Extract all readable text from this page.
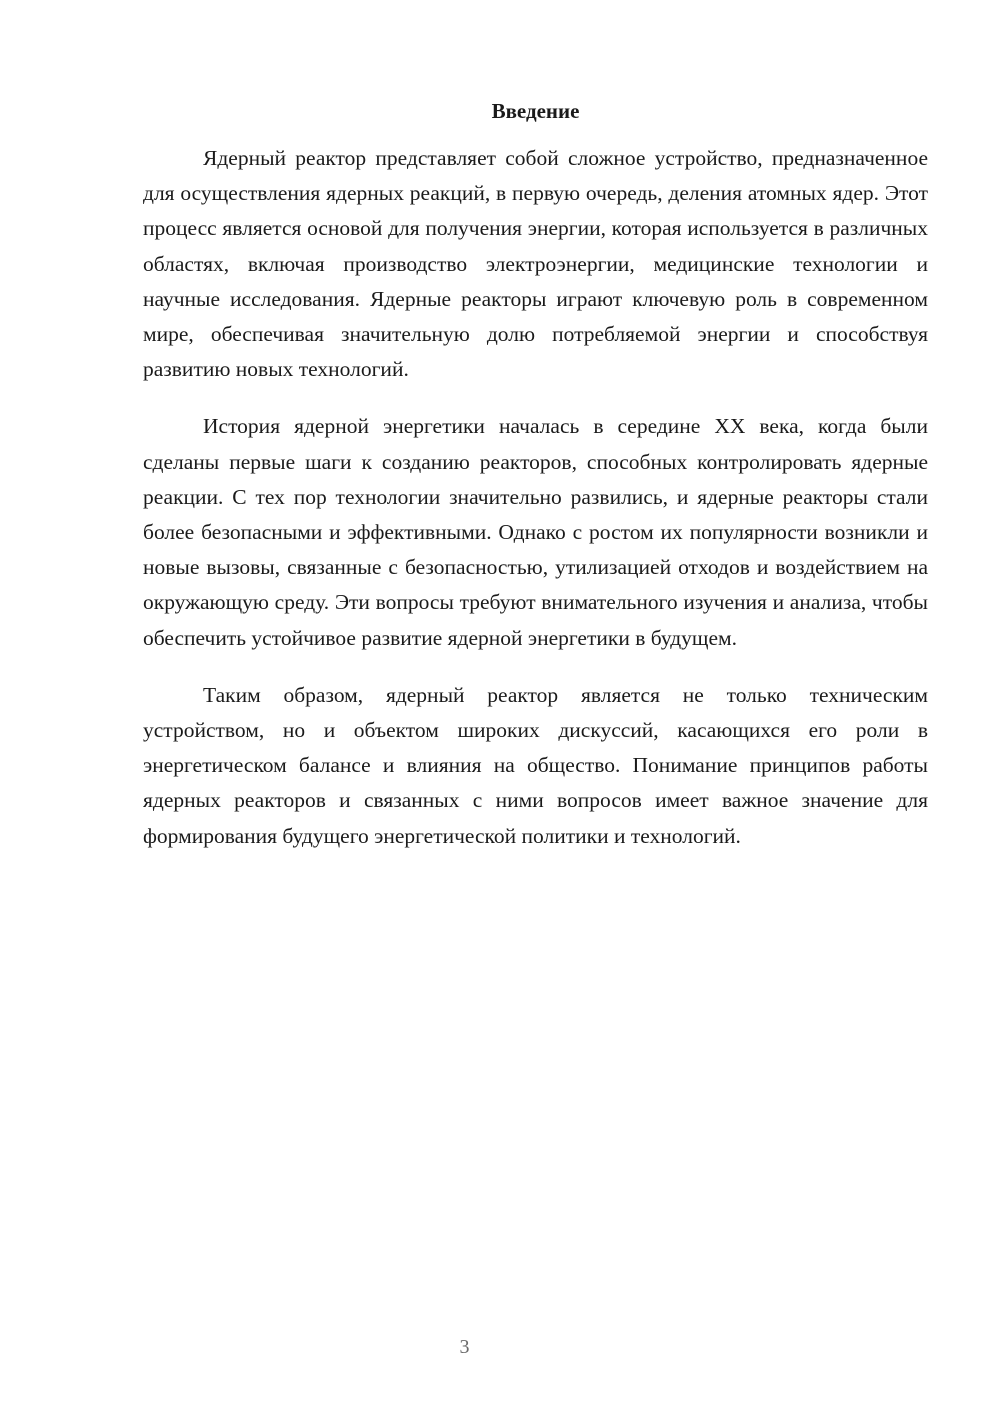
Введение

Ядерный реактор представляет собой сложное устройство, предназначенное для осуществления ядерных реакций, в первую очередь, деления атомных ядер. Этот процесс является основой для получения энергии, которая используется в различных областях, включая производство электроэнергии, медицинские технологии и научные исследования. Ядерные реакторы играют ключевую роль в современном мире, обеспечивая значительную долю потребляемой энергии и способствуя развитию новых технологий.

История ядерной энергетики началась в середине XX века, когда были сделаны первые шаги к созданию реакторов, способных контролировать ядерные реакции. С тех пор технологии значительно развились, и ядерные реакторы стали более безопасными и эффективными. Однако с ростом их популярности возникли и новые вызовы, связанные с безопасностью, утилизацией отходов и воздействием на окружающую среду. Эти вопросы требуют внимательного изучения и анализа, чтобы обеспечить устойчивое развитие ядерной энергетики в будущем.

Таким образом, ядерный реактор является не только техническим устройством, но и объектом широких дискуссий, касающихся его роли в энергетическом балансе и влияния на общество. Понимание принципов работы ядерных реакторов и связанных с ними вопросов имеет важное значение для формирования будущего энергетической политики и технологий.

3
